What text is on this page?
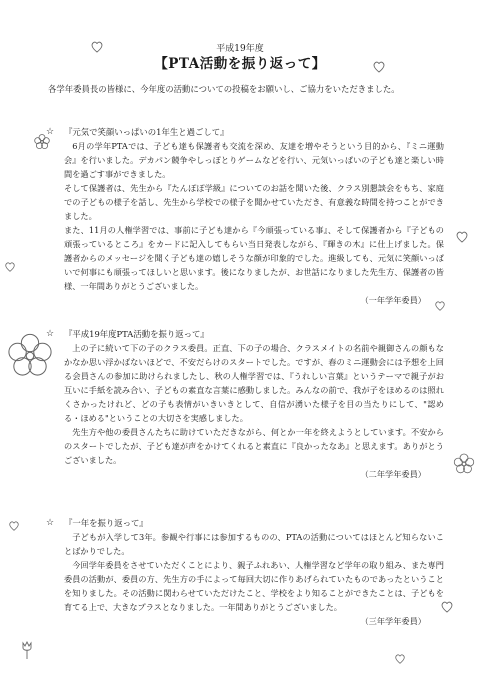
平成19年度
【PTA活動を振り返って】

各学年委員長の皆様に、今年度の活動についての投稿をお願いし、ご協力をいただきました。

☆ 『元気で笑顔いっぱいの1年生と過ごして』

6月の学年PTAでは、子ども達も保護者も交流を深め、友達を増やそうという目的から、『ミニ運動会』を行いました。デカパン競争やしっぽとりゲームなどを行い、元気いっぱいの子ども達と楽しい時間を過ごす事ができました。

そして保護者は、先生から『たんぽぽ学級』についてのお話を聞いた後、クラス別懇談会をもち、家庭での子どもの様子を話し、先生から学校での様子を聞かせていただき、有意義な時間を持つことができました。

また、11月の人権学習では、事前に子ども達から『今頑張っている事』、そして保護者から『子どもの頑張っているところ』をカードに記入してもらい当日発表しながら、『輝きの木』に仕上げました。保護者からのメッセージを聞く子ども達の嬉しそうな顔が印象的でした。進級しても、元気に笑顔いっぱいで何事にも頑張ってほしいと思います。後になりましたが、お世話になりました先生方、保護者の皆様、一年間ありがとうございました。

（一年学年委員）

☆ 『平成19年度PTA活動を振り返って』

上の子に続いて下の子のクラス委員。正直、下の子の場合、クラスメイトの名前や親御さんの顔もなかなか思い浮かばないほどで、不安だらけのスタートでした。ですが、春のミニ運動会には予想を上回る会員さんの参加に助けられましたし、秋の人権学習では、『うれしい言葉』というテーマで親子がお互いに手紙を読み合い、子どもの素直な言葉に感動しました。みんなの前で、我が子をほめるのは照れくさかったけれど、どの子も表情がいきいきとして、自信が湧いた様子を目の当たりにして、"認める・ほめる"ということの大切さを実感しました。

先生方や他の委員さんたちに助けていただきながら、何とか一年を終えようとしています。不安からのスタートでしたが、子ども達が声をかけてくれると素直に『良かったなあ』と思えます。ありがとうございました。

（二年学年委員）

☆ 『一年を振り返って』

子どもが入学して3年。参観や行事には参加するものの、PTAの活動についてはほとんど知らないことばかりでした。

今回学年委員をさせていただくことにより、親子ふれあい、人権学習など学年の取り組み、また専門委員の活動が、委員の方、先生方の手によって毎回大切に作りあげられていたものであったということを知りました。その活動に関わらせていただけたこと、学校をより知ることができたことは、子どもを育てる上で、大きなプラスとなりました。一年間ありがとうございました。

（三年学年委員）
